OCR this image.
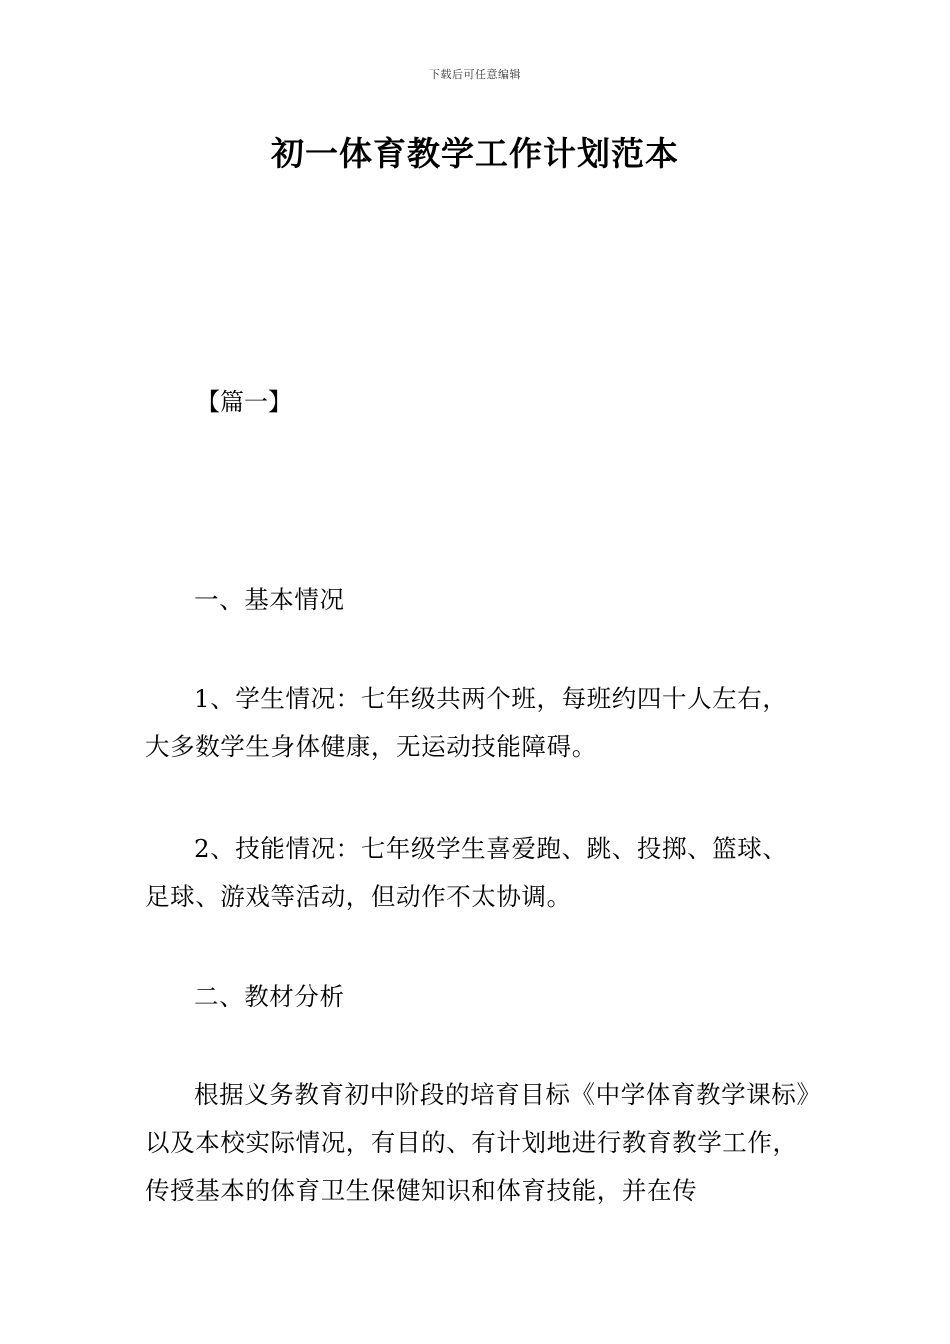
下载后可任意编辑
初一体育教学工作计划范本
【篇一】

一、基本情况

1、学生情况：七年级共两个班，每班约四十人左右，大多数学生身体健康，无运动技能障碍。

2、技能情况：七年级学生喜爱跑、跳、投掷、篮球、足球、游戏等活动，但动作不太协调。

二、教材分析

根据义务教育初中阶段的培育目标《中学体育教学课标》以及本校实际情况，有目的、有计划地进行教育教学工作，传授基本的体育卫生保健知识和体育技能，并在传
